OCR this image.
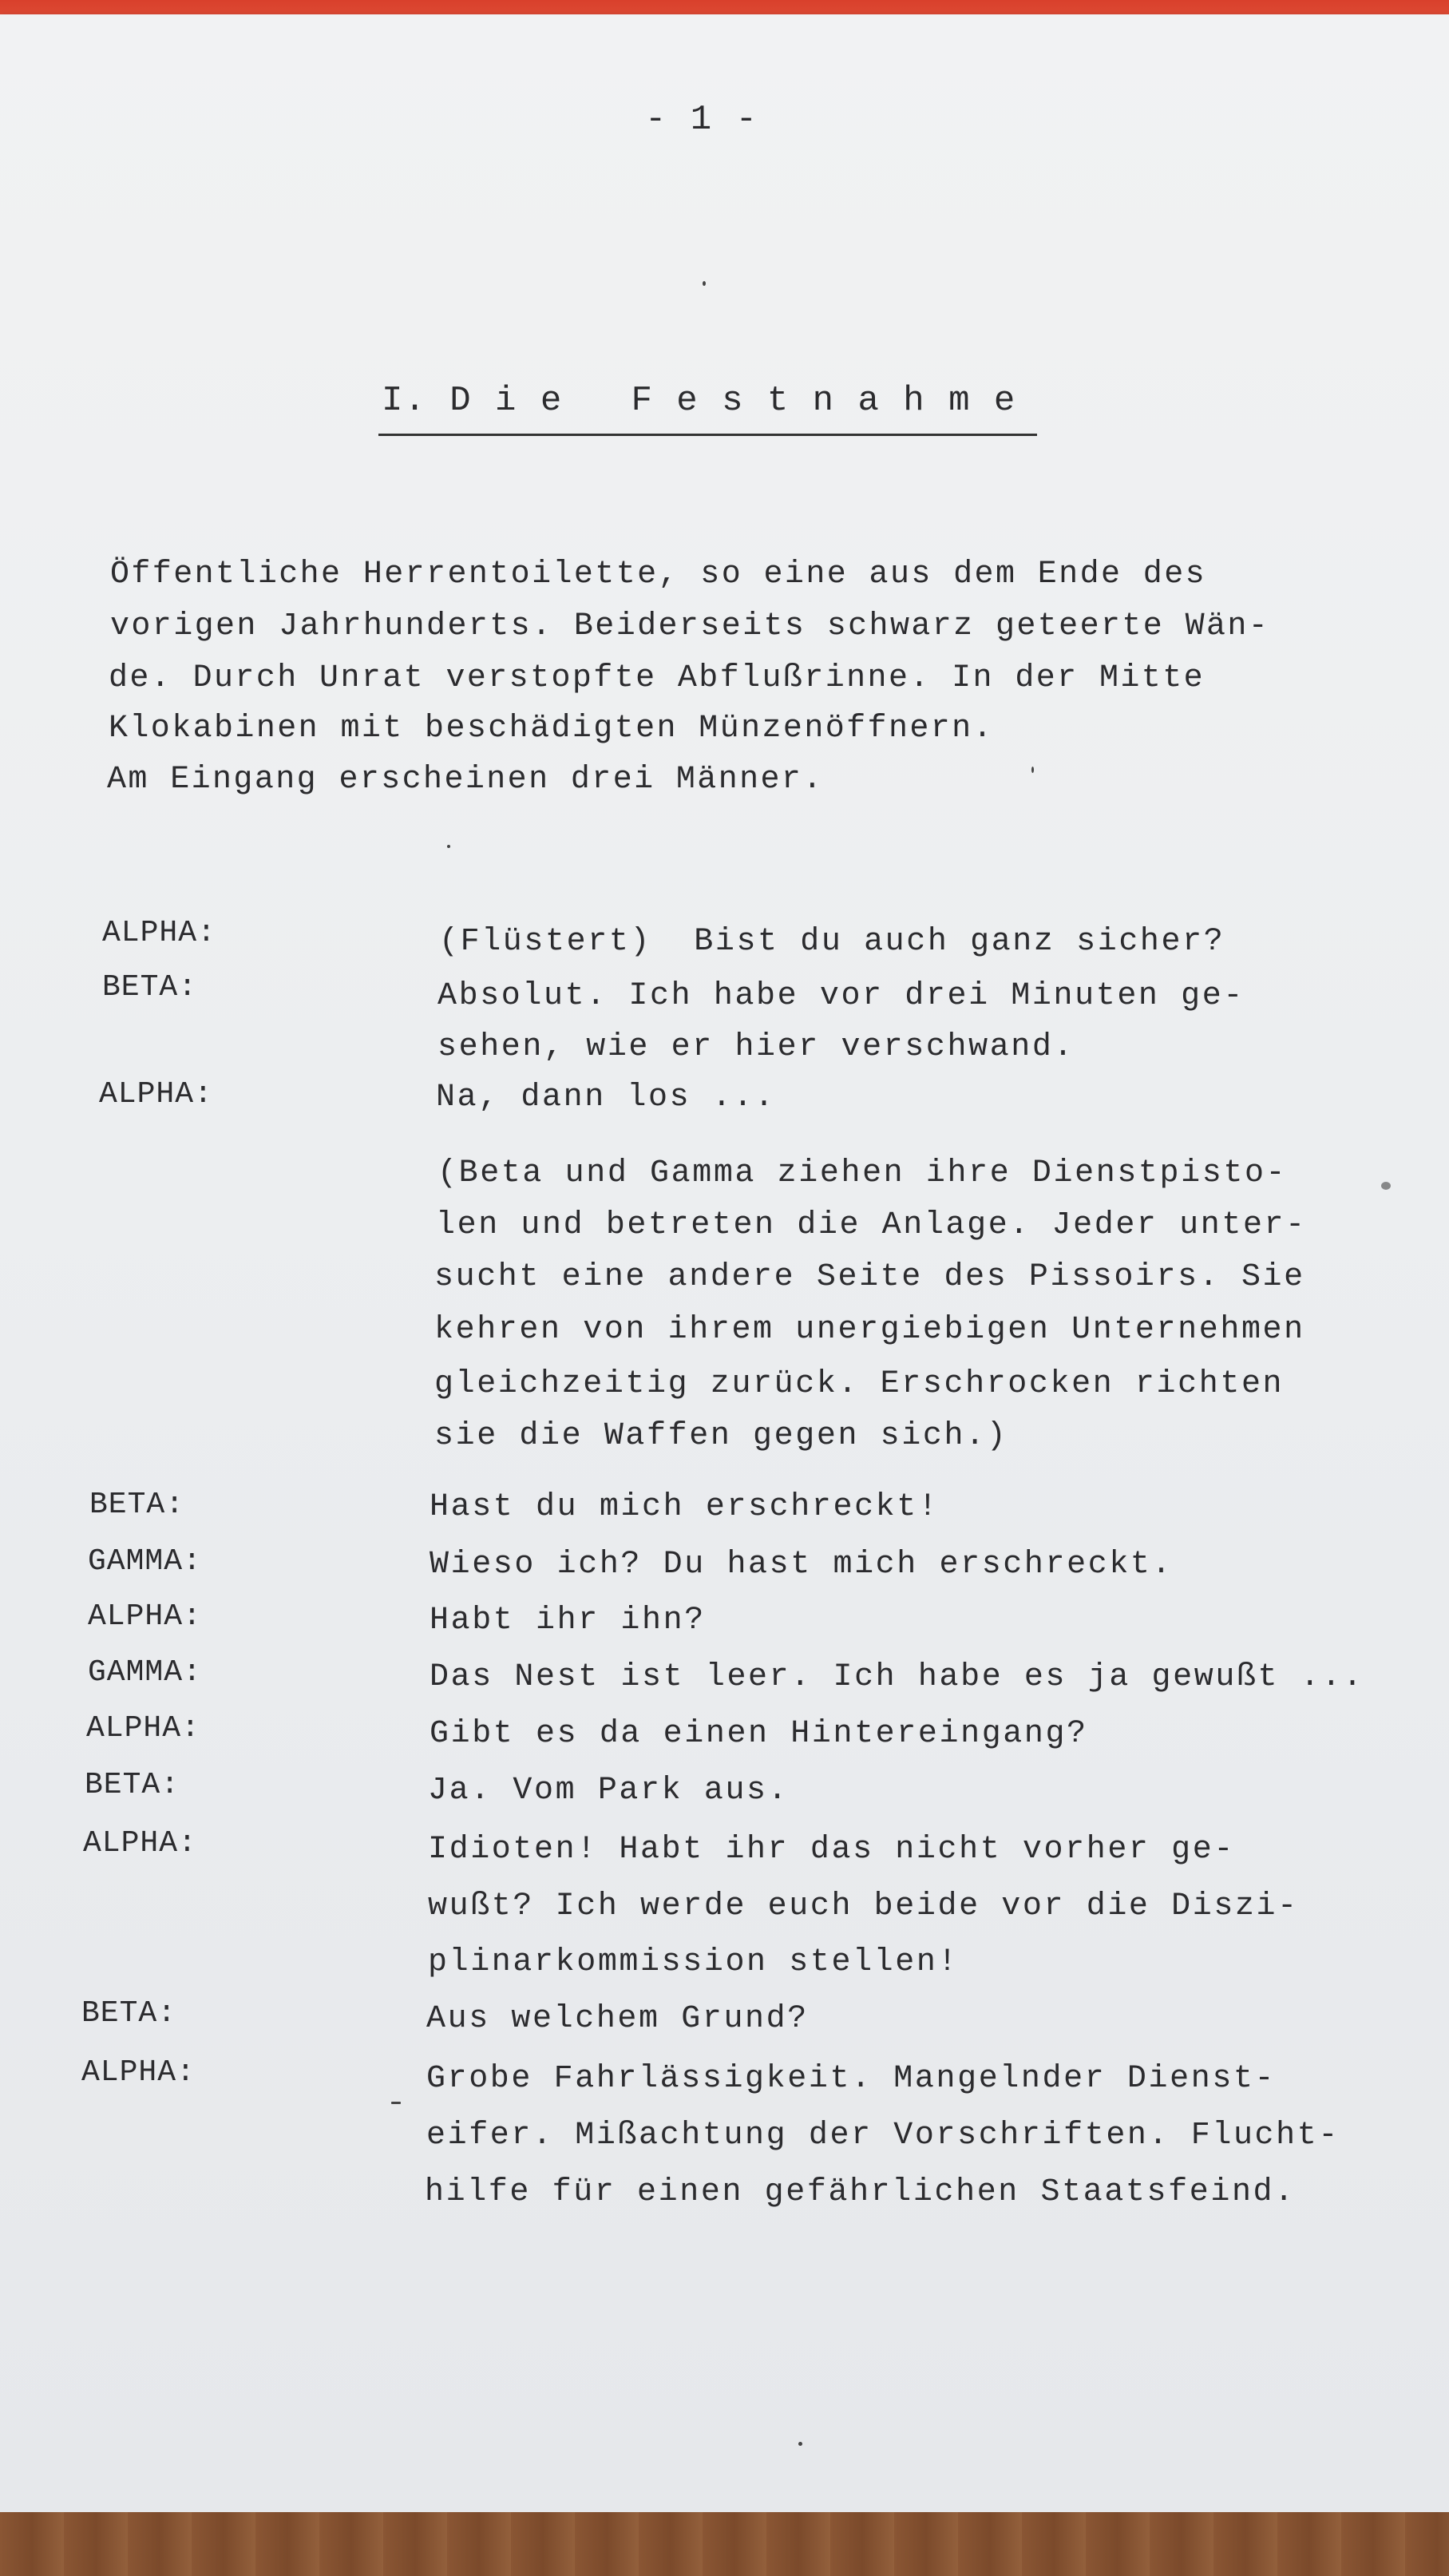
- 1 -
I. D i e   F e s t n a h m e
Öffentliche Herrentoilette, so eine aus dem Ende des
vorigen Jahrhunderts. Beiderseits schwarz geteerte Wän-
de. Durch Unrat verstopfte Abflußrinne. In der Mitte
Klokabinen mit beschädigten Münzenöffnern.
Am Eingang erscheinen drei Männer.
ALPHA:	(Flüstert)  Bist du auch ganz sicher?
BETA:	Absolut. Ich habe vor drei Minuten ge-
sehen, wie er hier verschwand.
ALPHA:	Na, dann los ...
(Beta und Gamma ziehen ihre Dienstpisto-
len und betreten die Anlage. Jeder unter-
sucht eine andere Seite des Pissoirs. Sie
kehren von ihrem unergiebigen Unternehmen
gleichzeitig zurück. Erschrocken richten
sie die Waffen gegen sich.)
BETA:	Hast du mich erschreckt!
GAMMA:	Wieso ich? Du hast mich erschreckt.
ALPHA:	Habt ihr ihn?
GAMMA:	Das Nest ist leer. Ich habe es ja gewußt ...
ALPHA:	Gibt es da einen Hintereingang?
BETA:	Ja. Vom Park aus.
ALPHA:	Idioten! Habt ihr das nicht vorher ge-
wußt? Ich werde euch beide vor die Diszi-
plinarkommission stellen!
BETA:	Aus welchem Grund?
ALPHA:	Grobe Fahrlässigkeit. Mangelnder Dienst-
eifer. Mißachtung der Vorschriften. Flucht-
hilfe für einen gefährlichen Staatsfeind.
